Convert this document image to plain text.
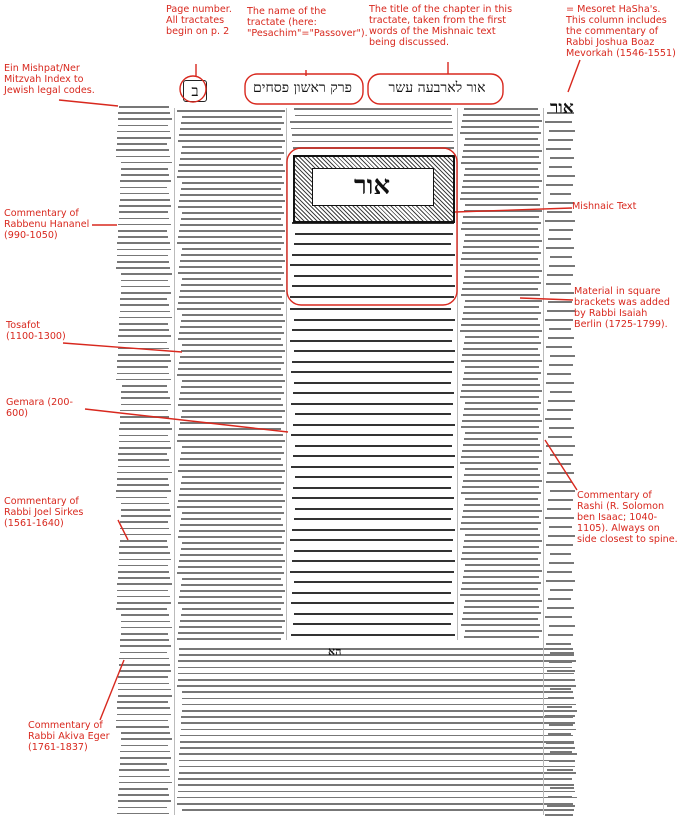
ב	פרק ראשון פסחים	אור לארבעה עשר
אור
אור
הא
Ein Mishpat/Ner Mitzvah Index to Jewish legal codes.
Page number. All tractates begin on p. 2
The name of the tractate (here: "Pesachim"="Passover").
The title of the chapter in this tractate, taken from the first words of the Mishnaic text being discussed.
= Mesoret HaSha's. This column includes the commentary of Rabbi Joshua Boaz Mevorkah (1546-1551)
Commentary of Rabbenu Hananel (990-1050)
Mishnaic Text
Material in square brackets was added by Rabbi Isaiah Berlin (1725-1799).
Tosafot (1100-1300)
Gemara (200-600)
Commentary of Rabbi Joel Sirkes (1561-1640)
Commentary of Rashi (R. Solomon ben Isaac; 1040-1105). Always on side closest to spine.
Commentary of Rabbi Akiva Eger (1761-1837)
